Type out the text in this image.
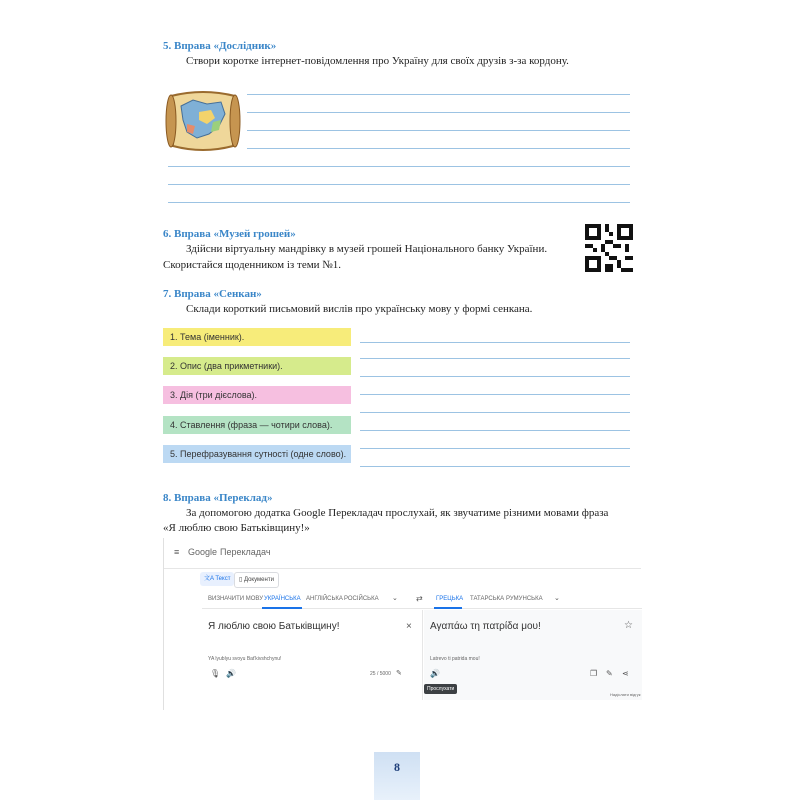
5. Вправа «Дослідник»
Створи коротке інтернет-повідомлення про Україну для своїх друзів з-за кордону.
6. Вправа «Музей грошей»
Здійсни віртуальну мандрівку в музей грошей Національного банку України.
Скористайся щоденником із теми №1.
7. Вправа «Сенкан»
Склади короткий письмовий вислів про українську мову у формі сенкана.
1. Тема (іменник).
2. Опис (два прикметники).
3. Дія (три дієслова).
4. Ставлення (фраза — чотири слова).
5. Перефразування сутності (одне слово).
8. Вправа «Переклад»
За допомогою додатка Google Перекладач прослухай, як звучатиме різними мовами фраза
«Я люблю свою Батьківщину!»
≡ Google Перекладач
文A Текст	▯ Документи
ВИЗНАЧИТИ МОВУ УКРАЇНСЬКА АНГЛІЙСЬКА РОСІЙСЬКА ⌄ ⇄ ГРЕЦЬКА ТАТАРСЬКА РУМУНСЬКА ⌄
Я люблю свою Батьківщину!	× Αγαπάω τη πατρίδα μου!	☆
YA lyublyu svoyu Bat'kivshchynu!	Latrevo ti patrida mou!
🎙 🔊	25 / 5000 ✎	🔊	❐ ✎ ⋖
Прослухати
Надіслати відгук
8
